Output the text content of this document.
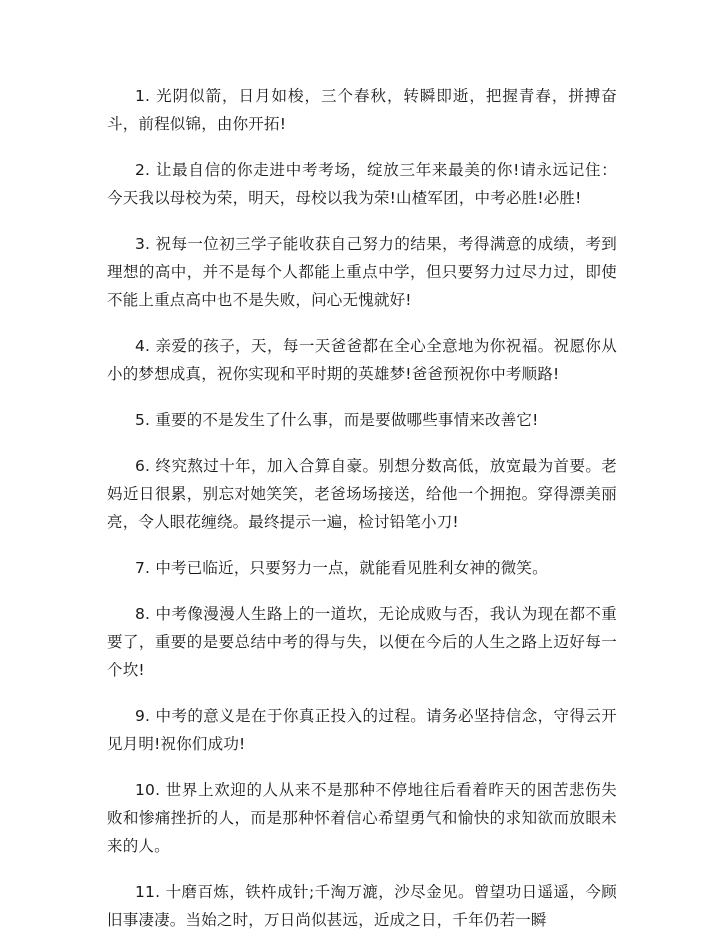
1. 光阴似箭，日月如梭，三个春秋，转瞬即逝，把握青春，拼搏奋斗，前程似锦，由你开拓!

2. 让最自信的你走进中考考场，绽放三年来最美的你!请永远记住：今天我以母校为荣，明天，母校以我为荣!山楂军团，中考必胜!必胜!

3. 祝每一位初三学子能收获自己努力的结果，考得满意的成绩，考到理想的高中，并不是每个人都能上重点中学，但只要努力过尽力过，即使不能上重点高中也不是失败，问心无愧就好!

4. 亲爱的孩子，天，每一天爸爸都在全心全意地为你祝福。祝愿你从小的梦想成真，祝你实现和平时期的英雄梦!爸爸预祝你中考顺路!

5. 重要的不是发生了什么事，而是要做哪些事情来改善它!

6. 终究熬过十年，加入合算自豪。别想分数高低，放宽最为首要。老妈近日很累，别忘对她笑笑，老爸场场接送，给他一个拥抱。穿得漂美丽亮，令人眼花缠绕。最终提示一遍，检讨铅笔小刀!

7. 中考已临近，只要努力一点，就能看见胜利女神的微笑。

8. 中考像漫漫人生路上的一道坎，无论成败与否，我认为现在都不重要了，重要的是要总结中考的得与失，以便在今后的人生之路上迈好每一个坎!

9. 中考的意义是在于你真正投入的过程。请务必坚持信念，守得云开见月明!祝你们成功!

10. 世界上欢迎的人从来不是那种不停地往后看着昨天的困苦悲伤失败和惨痛挫折的人，而是那种怀着信心希望勇气和愉快的求知欲而放眼未来的人。

11. 十磨百炼，铁杵成针;千淘万漉，沙尽金见。曾望功日遥遥，今顾旧事凄凄。当始之时，万日尚似甚远，近成之日，千年仍若一瞬
